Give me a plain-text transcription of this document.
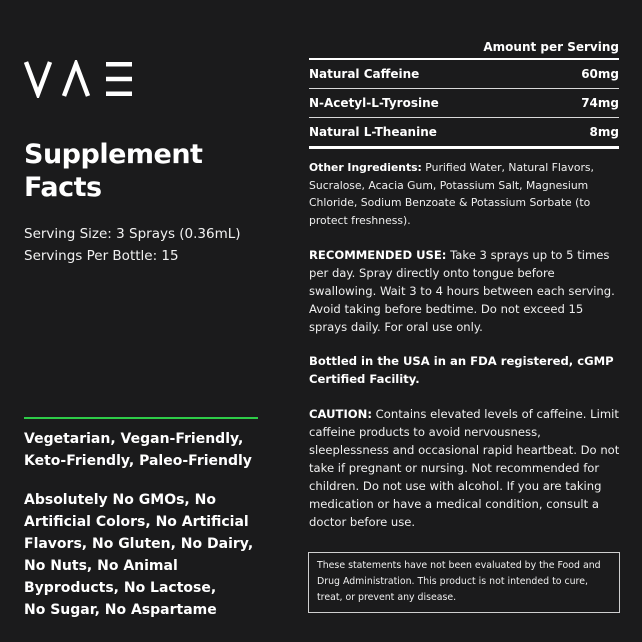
Supplement
Facts
Serving Size: 3 Sprays (0.36mL)
Servings Per Bottle: 15
Vegetarian, Vegan-Friendly,
Keto-Friendly, Paleo-Friendly
Absolutely No GMOs, No
Artificial Colors, No Artificial
Flavors, No Gluten, No Dairy,
No Nuts, No Animal
Byproducts, No Lactose,
No Sugar, No Aspartame
Amount per Serving
Natural Caffeine	60mg
N-Acetyl-L-Tyrosine	74mg
Natural L-Theanine	8mg
Other Ingredients: Purified Water, Natural Flavors, Sucralose, Acacia Gum, Potassium Salt, Magnesium Chloride, Sodium Benzoate & Potassium Sorbate (to protect freshness).
RECOMMENDED USE: Take 3 sprays up to 5 times per day. Spray directly onto tongue before swallowing. Wait 3 to 4 hours between each serving. Avoid taking before bedtime. Do not exceed 15 sprays daily. For oral use only.
Bottled in the USA in an FDA registered, cGMP Certified Facility.
CAUTION: Contains elevated levels of caffeine. Limit caffeine products to avoid nervousness, sleeplessness and occasional rapid heartbeat. Do not take if pregnant or nursing. Not recommended for children. Do not use with alcohol. If you are taking medication or have a medical condition, consult a doctor before use.
These statements have not been evaluated by the Food and Drug Administration. This product is not intended to cure, treat, or prevent any disease.
